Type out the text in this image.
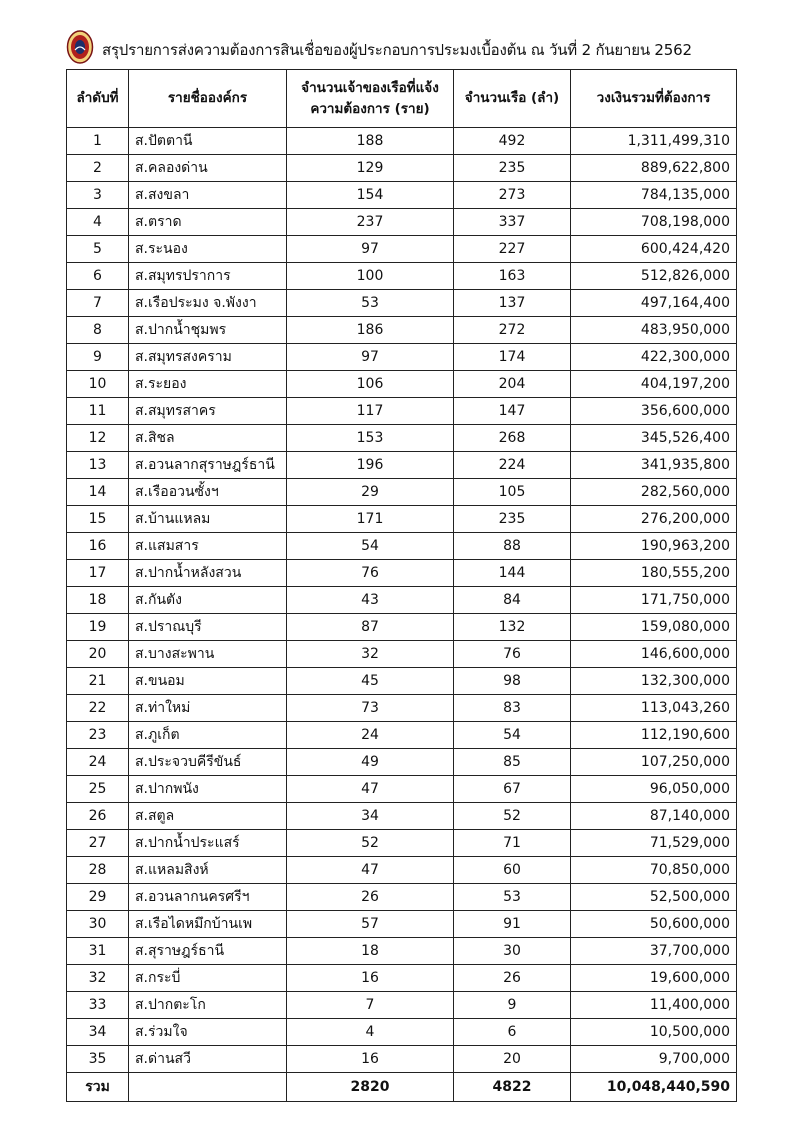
สรุปรายการส่งความต้องการสินเชื่อของผู้ประกอบการประมงเบื้องต้น ณ วันที่ 2 กันยายน 2562
ลำดับที่	รายชื่อองค์กร	จำนวนเจ้าของเรือที่แจ้งความต้องการ (ราย)	จำนวนเรือ (ลำ)	วงเงินรวมที่ต้องการ
1	ส.ปัตตานี	188	492	1,311,499,310
2	ส.คลองด่าน	129	235	889,622,800
3	ส.สงขลา	154	273	784,135,000
4	ส.ตราด	237	337	708,198,000
5	ส.ระนอง	97	227	600,424,420
6	ส.สมุทรปราการ	100	163	512,826,000
7	ส.เรือประมง จ.พังงา	53	137	497,164,400
8	ส.ปากน้ำชุมพร	186	272	483,950,000
9	ส.สมุทรสงคราม	97	174	422,300,000
10	ส.ระยอง	106	204	404,197,200
11	ส.สมุทรสาคร	117	147	356,600,000
12	ส.สิชล	153	268	345,526,400
13	ส.อวนลากสุราษฎร์ธานี	196	224	341,935,800
14	ส.เรืออวนซั้งฯ	29	105	282,560,000
15	ส.บ้านแหลม	171	235	276,200,000
16	ส.แสมสาร	54	88	190,963,200
17	ส.ปากน้ำหลังสวน	76	144	180,555,200
18	ส.กันตัง	43	84	171,750,000
19	ส.ปราณบุรี	87	132	159,080,000
20	ส.บางสะพาน	32	76	146,600,000
21	ส.ขนอม	45	98	132,300,000
22	ส.ท่าใหม่	73	83	113,043,260
23	ส.ภูเก็ต	24	54	112,190,600
24	ส.ประจวบคีรีขันธ์	49	85	107,250,000
25	ส.ปากพนัง	47	67	96,050,000
26	ส.สตูล	34	52	87,140,000
27	ส.ปากน้ำประแสร์	52	71	71,529,000
28	ส.แหลมสิงห์	47	60	70,850,000
29	ส.อวนลากนครศรีฯ	26	53	52,500,000
30	ส.เรือไดหมึกบ้านเพ	57	91	50,600,000
31	ส.สุราษฎร์ธานี	18	30	37,700,000
32	ส.กระบี่	16	26	19,600,000
33	ส.ปากตะโก	7	9	11,400,000
34	ส.ร่วมใจ	4	6	10,500,000
35	ส.ด่านสวี	16	20	9,700,000
รวม		2820	4822	10,048,440,590
